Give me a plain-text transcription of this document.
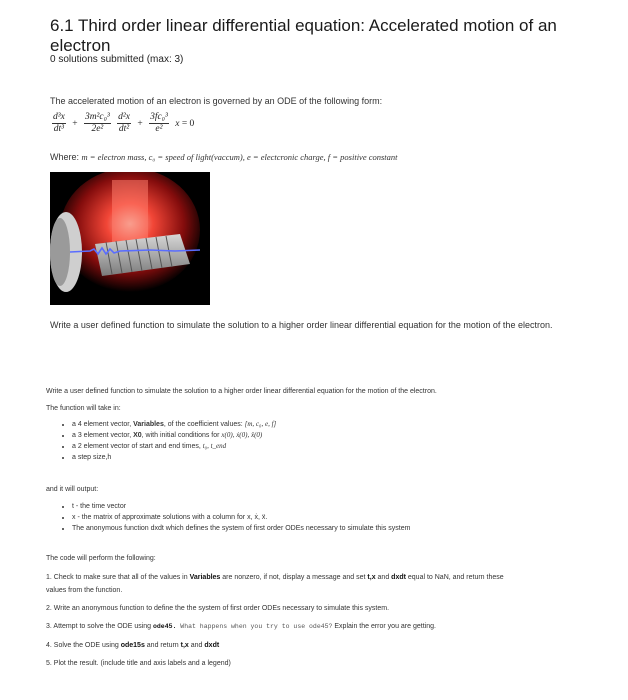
6.1 Third order linear differential equation: Accelerated motion of an electron
0 solutions submitted (max: 3)
The accelerated motion of an electron is governed by an ODE of the following form:
$\frac{\text{d³x}}{\text{dt³}} + \frac{\text{3m²c₀³}}{\text{2e²}}$
$\frac{\text{d²x}}{\text{dt²}} + \frac{\text{3fc₀³}}{\text{e²}}$ x = 0
Where: m = electron mass, c₀ = speed of light(vaccum), e = electcronic charge, f = positive constant
Write a user defined function to simulate the solution to a higher order linear differential equation for the motion of the electron.
Write a user defined function to simulate the solution to a higher order linear differential equation for the motion of the electron.
The function will take in:
• a 4 element vector, Variables, of the coefficient values: [m, c₀, e, f]
• a 3 element vector, X0, with initial conditions for x(0), ẋ(0), ẍ(0)
• a 2 element vector of start and end times, t₀, t_end
• a step size,h
and it will output:
• t - the time vector
• x - the matrix of approximate solutions with a column for x, ẋ, ẍ.
• The anonymous function dxdt which defines the system of first order ODEs necessary to simulate this system
The code will perform the following:
1. Check to make sure that all of the values in Variables are nonzero, if not, display a message and set t,x and dxdt equal to NaN, and return these
values from the function.
2. Write an anonymous function to define the the system of first order ODEs necessary to simulate this system.
3. Attempt to solve the ODE using ode45. What happens when you try to use ode45? Explain the error you are getting.
4. Solve the ODE using ode15s and return t,x and dxdt
5. Plot the result. (include title and axis labels and a legend)
